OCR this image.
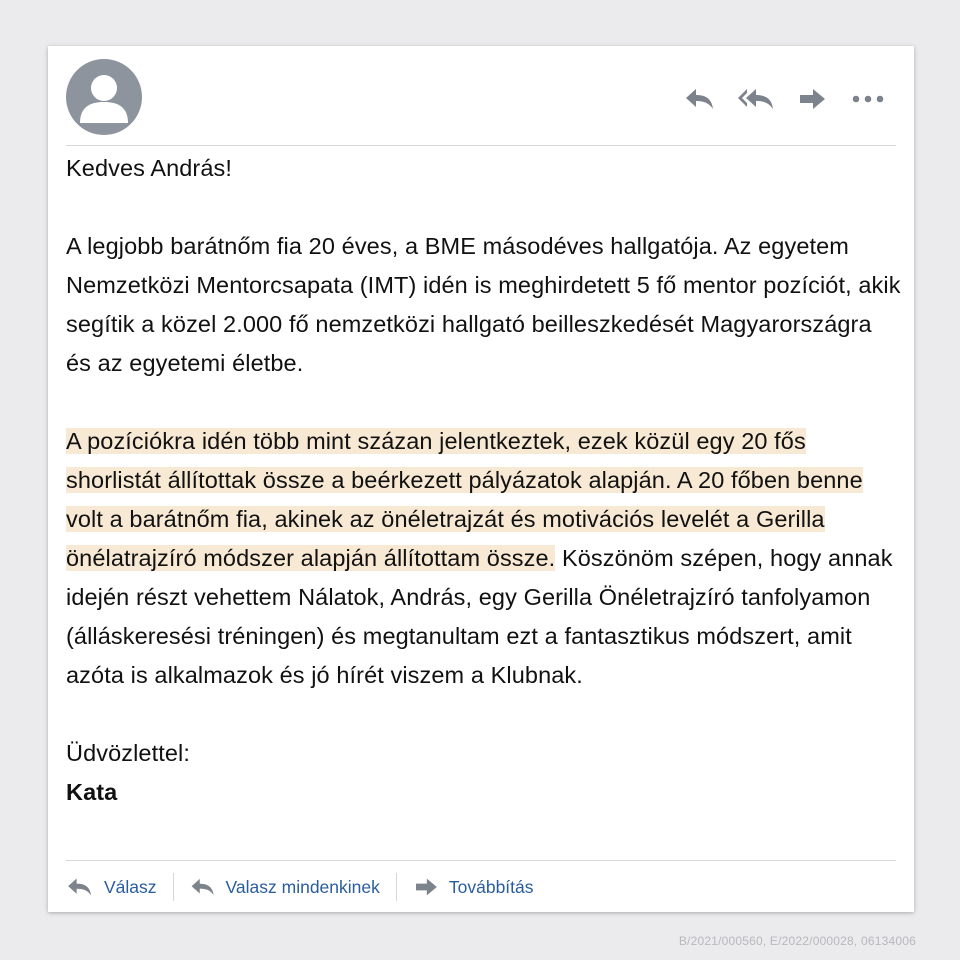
Kedves András!

A legjobb barátnőm fia 20 éves, a BME másodéves hallgatója. Az egyetem Nemzetközi Mentorcsapata (IMT) idén is meghirdetett 5 fő mentor pozíciót, akik segítik a közel 2.000 fő nemzetközi hallgató beilleszkedését Magyarországra és az egyetemi életbe.

A pozíciókra idén több mint százan jelentkeztek, ezek közül egy 20 fős shorlistát állítottak össze a beérkezett pályázatok alapján. A 20 főben benne volt a barátnőm fia, akinek az önéletrajzát és motivációs levelét a Gerilla önélatrajzíró módszer alapján állítottam össze. Köszönöm szépen, hogy annak idején részt vehettem Nálatok, András, egy Gerilla Önéletrajzíró tanfolyamon (álláskeresési tréningen) és megtanultam ezt a fantasztikus módszert, amit azóta is alkalmazok és jó hírét viszem a Klubnak.

Üdvözlettel:

Kata

Válasz	Valasz mindenkinek	Továbbítás
B/2021/000560, E/2022/000028, 06134006
